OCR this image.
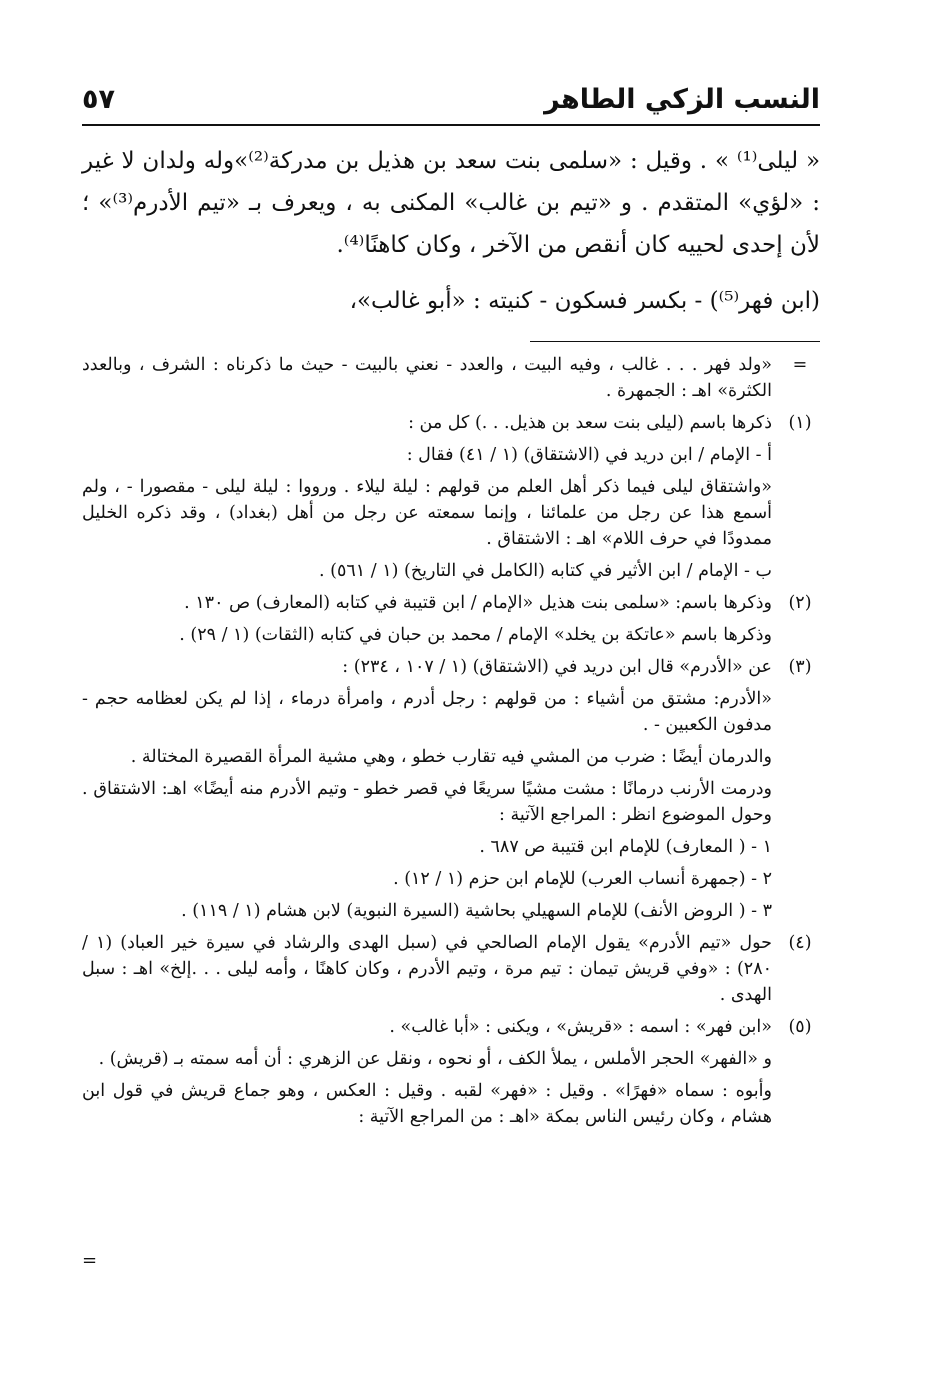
النسب الزكي الطاهر
٥٧

« ليلى⁽¹⁾ » . وقيل : «سلمى بنت سعد بن هذيل بن مدركة⁽²⁾»وله ولدان لا غير : «لؤي» المتقدم . و «تيم بن غالب» المكنى به ، ويعرف بـ «تيم الأدرم⁽³⁾» ؛ لأن إحدى لحييه كان أنقص من الآخر ، وكان كاهنًا⁽⁴⁾.

(ابن فهر⁽⁵⁾) - بكسر فسكون - كنيته : «أبو غالب»،

=

«ولد فهر . . . غالب ، وفيه البيت ، والعدد - نعني بالبيت - حيث ما ذكرناه : الشرف ، وبالعدد الكثرة» اهـ : الجمهرة .

(١)

ذكرها باسم (ليلى بنت سعد بن هذيل. . .) كل من :

أ - الإمام / ابن دريد في (الاشتقاق) (١ / ٤١) فقال :

«واشتقاق ليلى فيما ذكر أهل العلم من قولهم : ليلة ليلاء . ورووا : ليلة ليلى - مقصورا - ، ولم أسمع هذا عن رجل من علمائنا ، وإنما سمعته عن رجل من أهل (بغداد) ، وقد ذكره الخليل ممدودًا في حرف اللام» اهـ : الاشتقاق .

ب - الإمام / ابن الأثير في كتابه (الكامل في التاريخ) (١ / ٥٦١) .

(٢)

وذكرها باسم: «سلمى بنت هذيل «الإمام / ابن قتيبة في كتابه (المعارف) ص ١٣٠ .

وذكرها باسم «عاتكة بن يخلد» الإمام / محمد بن حبان في كتابه (الثقات) (١ / ٢٩) .

(٣)

عن «الأدرم» قال ابن دريد في (الاشتقاق) (١ / ١٠٧ ، ٢٣٤) :

«الأدرم: مشتق من أشياء : من قولهم : رجل أدرم ، وامرأة درماء ، إذا لم يكن لعظامه حجم - مدفون الكعبين - .

والدرمان أيضًا : ضرب من المشي فيه تقارب خطو ، وهي مشية المرأة القصيرة المختالة .

ودرمت الأرنب درمانًا : مشت مشيًا سريعًا في قصر خطو - وتيم الأدرم منه أيضًا» اهـ: الاشتقاق . وحول الموضوع انظر : المراجع الآتية :

١ - ( المعارف) للإمام ابن قتيبة ص ٦٨٧ .

٢ - (جمهرة أنساب العرب) للإمام ابن حزم (١ / ١٢) .

٣ - ( الروض الأنف) للإمام السهيلي بحاشية (السيرة النبوية) لابن هشام (١ / ١١٩) .

(٤)

حول «تيم الأدرم» يقول الإمام الصالحي في (سبل الهدى والرشاد في سيرة خير العباد) (١ / ٢٨٠) : «وفي قريش تيمان : تيم مرة ، وتيم الأدرم ، وكان كاهنًا ، وأمه ليلى . . .إلخ» اهـ : سبل الهدى .

(٥)

«ابن فهر» : اسمه : «قريش» ، ويكنى : «أبا غالب» .

و «الفهر» الحجر الأملس ، يملأ الكف ، أو نحوه ، ونقل عن الزهري : أن أمه سمته بـ (قريش) .

وأبوه : سماه «فهرًا» . وقيل : «فهر» لقبه . وقيل : العكس ، وهو جماع قريش في قول ابن هشام ، وكان رئيس الناس بمكة «اهـ : من المراجع الآتية :

=
